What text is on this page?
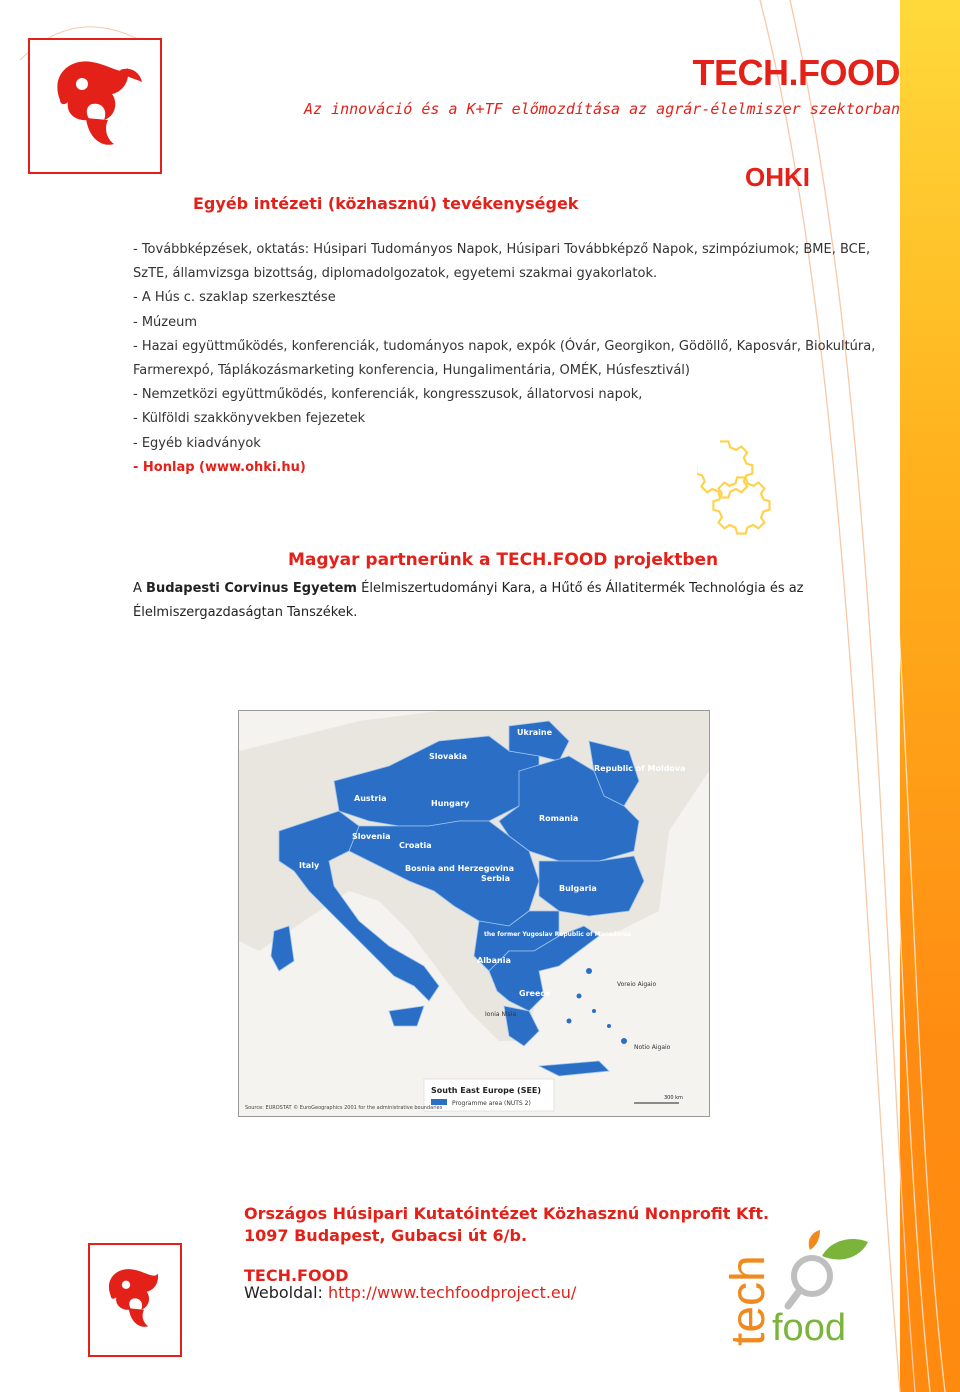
TECH.FOOD
Az innováció és a K+TF előmozdítása az agrár-élelmiszer szektorban
OHKI
Egyéb intézeti (közhasznú) tevékenységek
- Továbbképzések, oktatás: Húsipari Tudományos Napok, Húsipari Továbbképző Napok, szimpóziumok; BME, BCE,
SzTE, államvizsga bizottság, diplomadolgozatok, egyetemi szakmai gyakorlatok.
- A Hús c. szaklap szerkesztése
- Múzeum
- Hazai együttműködés, konferenciák, tudományos napok, expók (Óvár, Georgikon, Gödöllő, Kaposvár, Biokultúra,
Farmerexpó, Táplákozásmarketing konferencia, Hungalimentária, OMÉK, Húsfesztivál)
- Nemzetközi együttműködés, konferenciák, kongresszusok, állatorvosi napok,
- Külföldi szakkönyvekben fejezetek
- Egyéb kiadványok
- Honlap (www.ohki.hu)
Magyar partnerünk a TECH.FOOD projektben
A Budapesti Corvinus Egyetem Élelmiszertudományi Kara, a Hűtő és Állatitermék Technológia és az
Élelmiszergazdaságtan Tanszékek.
Ukraine
Slovakia
Austria
Hungary
Republic of Moldova
Romania
Slovenia
Croatia
Bosnia and Herzegovina
Serbia
Bulgaria
Italy
the former Yugoslav Republic of Macedonia
Albania
Greece
Ionia Nisia
Voreio Aigaio
Notio Aigaio
South East Europe (SEE)
Programme area (NUTS 2)
Source: EUROSTAT © EuroGeographics 2001 for the administrative boundaries
300 km
Országos Húsipari Kutatóintézet Közhasznú Nonprofit Kft.
1097 Budapest, Gubacsi út 6/b.
TECH.FOOD
Weboldal: http://www.techfoodproject.eu/	tech
food
